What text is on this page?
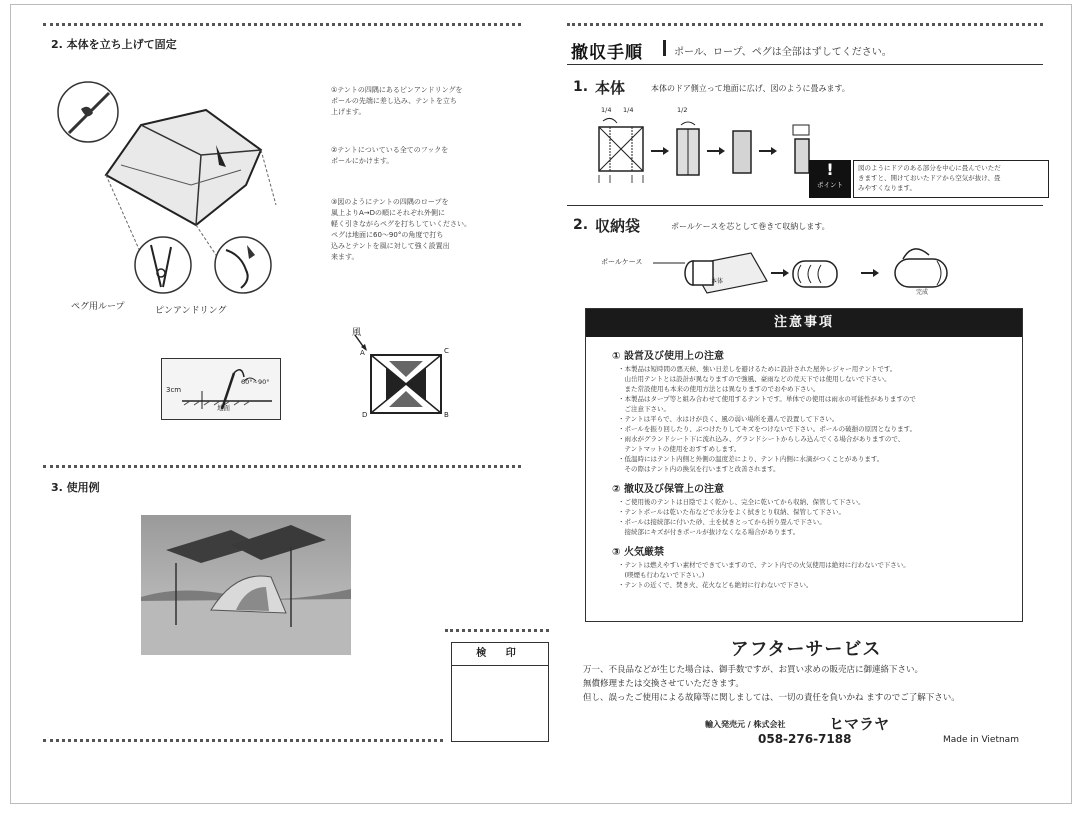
2. 本体を立ち上げて固定
ペグ用ループ	ピンアンドリング
①テントの四隅にあるピンアンドリングを
ポールの先端に差し込み、テントを立ち
上げます。
②テントについている全てのフックを
ポールにかけます。
③図のようにテントの四隅のロープを
風上よりA→Dの順にそれぞれ外側に
軽く引きながらペグを打ちしていください。
ペグは地面に60〜90°の角度で打ち
込みとテントを風に対して強く設置出
来ます。
3cm
60°~90°
地面
風
A
B
C
D
3. 使用例
検 印
撤収手順	ポール、ロープ、ペグは全部はずしてください。
1. 本体	本体のドア側立って地面に広げ、図のように畳みます。
1/4 1/4	1/2
!
ポイント
図のようにドアのある部分を中心に畳んでいただ
きますと、開けておいたドアから空気が抜け、畳
みやすくなります。
2. 収納袋	ポールケースを芯として巻きて収納します。
ポールケース
本体
完成
注意事項
① 設営及び使用上の注意
・本製品は短時間の悪天候、強い日差しを避けるために設計された屋外レジャー用テントです。
　山岳用テントとは設計が異なりますので強風、豪雨などの荒天下では使用しないで下さい。
　また常設使用も本来の使用方法とは異なりますのでおやめ下さい。
・本製品はタープ等と組み合わせて使用するテントです。単体での使用は雨水の可能性がありますので
　ご注意下さい。
・テントは平らで、水はけが良く、風の弱い場所を選んで設置して下さい。
・ポールを振り回したり、ぶつけたりしてキズをつけないで下さい。ポールの破損の原因となります。
・雨水がグランドシート下に流れ込み、グランドシートからしみ込んでくる場合がありますので、
　テントマットの使用をおすすめします。
・低温時にはテント内側と外側の温度差により、テント内側に水滴がつくことがあります。
　その際はテント内の換気を行いますと改善されます。
② 撤収及び保管上の注意
・ご使用後のテントは日陰でよく乾かし、完全に乾いてから収納、保管して下さい。
・テントポールは乾いた布などで水分をよく拭きとり収納、保管して下さい。
・ポールは接続部に付いた砂、土を拭きとってから折り畳んで下さい。
　接続部にキズが付きポールが抜けなくなる場合があります。
③ 火気厳禁
・テントは燃えやすい素材でできていますので、テント内での火気使用は絶対に行わないで下さい。
　(喫煙も行わないで下さい。)
・テントの近くで、焚き火、花火なども絶対に行わないで下さい。
アフターサービス
万一、不良品などが生じた場合は、御手数ですが、お買い求めの販売店に御連絡下さい。
無償修理または交換させていただきます。
但し、誤ったご使用による故障等に関しましては、一切の責任を負いかね ますのでご了解下さい。
輸入発売元 / 株式会社	ヒマラヤ
058-276-7188	Made in Vietnam
